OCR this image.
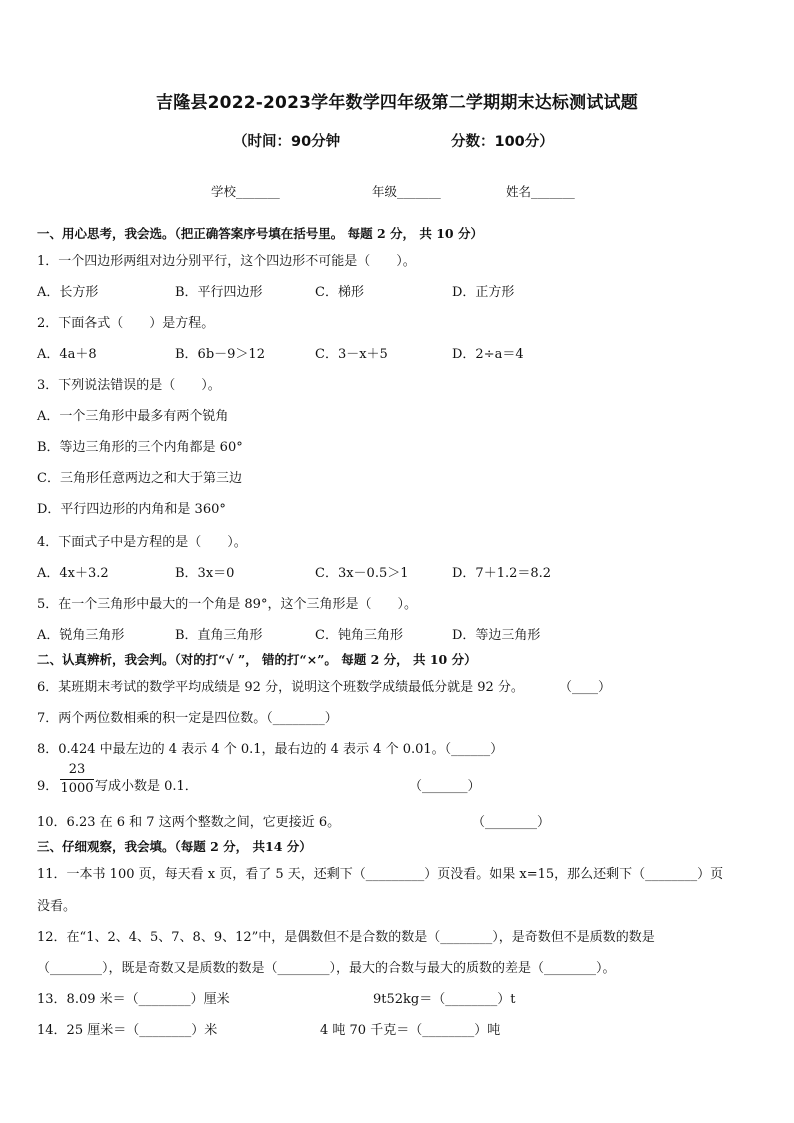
吉隆县2022-2023学年数学四年级第二学期期末达标测试试题
（时间：90分钟	分数：100分）
学校_______	年级_______	姓名_______
一、用心思考，我会选。（把正确答案序号填在括号里。 每题 2 分， 共 10 分）
1．一个四边形两组对边分别平行，这个四边形不可能是（　　）。
A．长方形	B．平行四边形	C．梯形	D．正方形
2．下面各式（　　）是方程。
A．4a＋8	B．6b－9＞12	C．3－x＋5	D．2÷a＝4
3．下列说法错误的是（　　）。
A．一个三角形中最多有两个锐角
B．等边三角形的三个内角都是 60°
C．三角形任意两边之和大于第三边
D．平行四边形的内角和是 360°
4．下面式子中是方程的是（　　）。
A．4x＋3.2	B．3x＝0	C．3x－0.5＞1	D．7＋1.2＝8.2
5．在一个三角形中最大的一个角是 89°，这个三角形是（　　）。
A．锐角三角形	B．直角三角形	C．钝角三角形	D．等边三角形
二、认真辨析，我会判。（对的打“√ ”， 错的打“×”。 每题 2 分， 共 10 分）
6．某班期末考试的数学平均成绩是 92 分，说明这个班数学成绩最低分就是 92 分。	（____）
7．两个两位数相乘的积一定是四位数。（________）
8．0.424 中最左边的 4 表示 4 个 0.1，最右边的 4 表示 4 个 0.01。（______）
9．
23
1000 写成小数是 0.1．	（_______）
10．6.23 在 6 和 7 这两个整数之间，它更接近 6。	（________）
三、仔细观察，我会填。（每题 2 分， 共14 分）
11．一本书 100 页，每天看 x 页，看了 5 天，还剩下（_________）页没看。如果 x=15，那么还剩下（________）页
没看。
12．在“1、2、4、5、7、8、9、12”中，是偶数但不是合数的数是（________），是奇数但不是质数的数是
（________），既是奇数又是质数的数是（________），最大的合数与最大的质数的差是（________）。
13．8.09 米＝（________）厘米	9t52kg＝（________）t
14．25 厘米＝（________）米	4 吨 70 千克＝（________）吨
